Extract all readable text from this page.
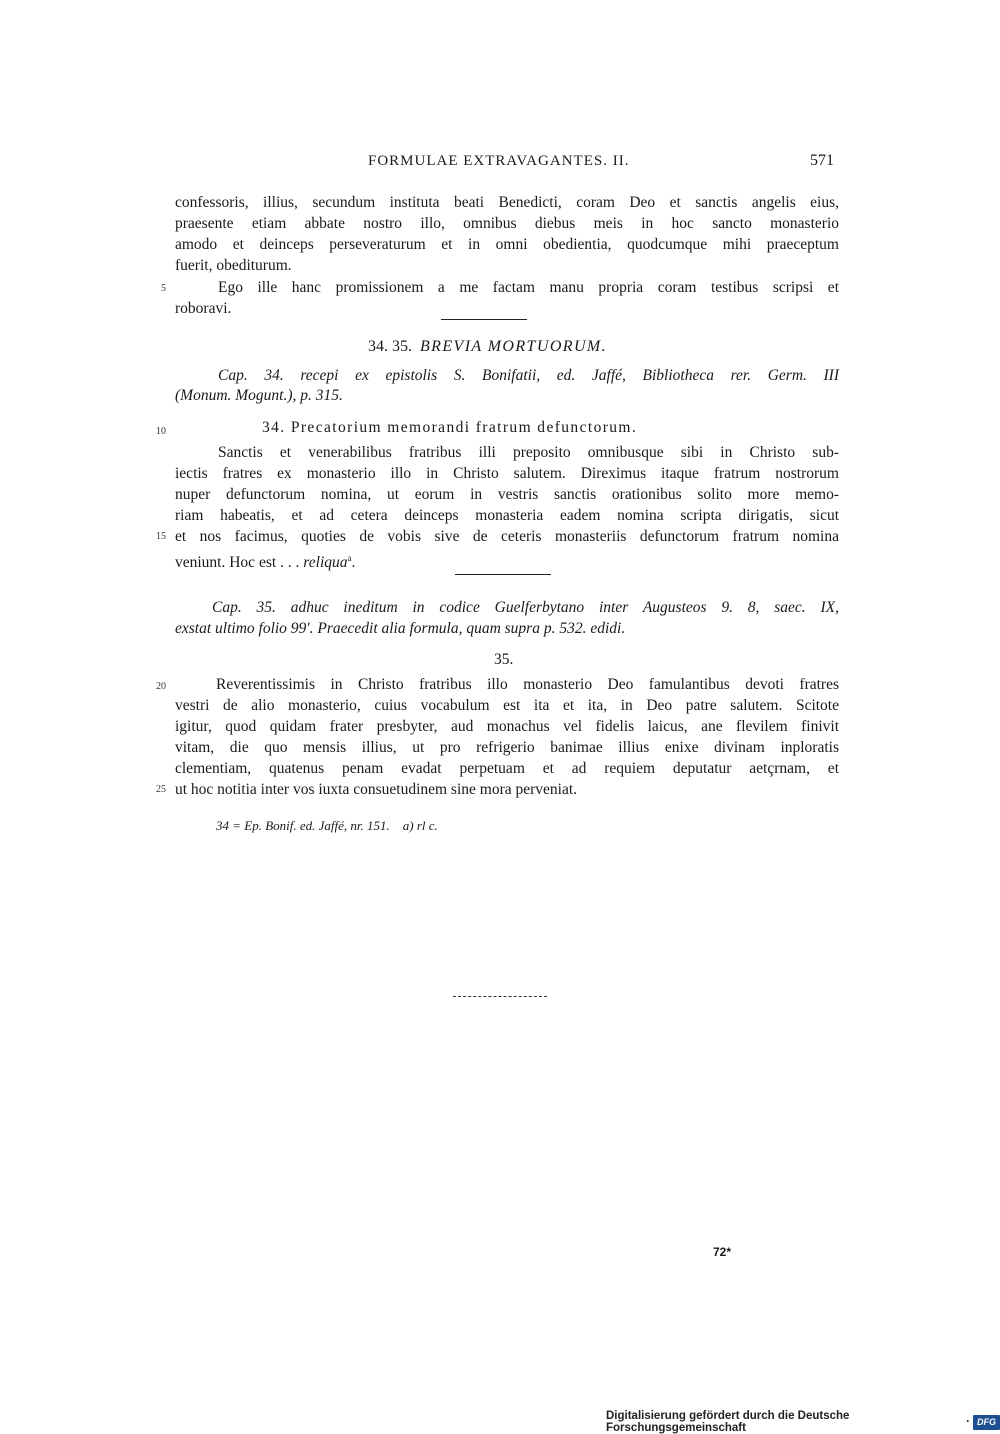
FORMULAE EXTRAVAGANTES. II.	571
confessoris, illius, secundum instituta beati Benedicti, coram Deo et sanctis angelis eius,
praesente etiam abbate nostro illo, omnibus diebus meis in hoc sancto monasterio
amodo et deinceps perseveraturum et in omni obedientia, quodcumque mihi praeceptum
fuerit, obediturum.
Ego ille hanc promissionem a me factam manu propria coram testibus scripsi et
roboravi.
34. 35. BREVIA MORTUORUM.
Cap. 34. recepi ex epistolis S. Bonifatii, ed. Jaffé, Bibliotheca rer. Germ. III
(Monum. Mogunt.), p. 315.
34. Precatorium memorandi fratrum defunctorum.
Sanctis et venerabilibus fratribus illi preposito omnibusque sibi in Christo sub-
iectis fratres ex monasterio illo in Christo salutem. Direximus itaque fratrum nostrorum
nuper defunctorum nomina, ut eorum in vestris sanctis orationibus solito more memo-
riam habeatis, et ad cetera deinceps monasteria eadem nomina scripta dirigatis, sicut
et nos facimus, quoties de vobis sive de ceteris monasteriis defunctorum fratrum nomina
veniunt. Hoc est . . . reliqua$^a$.
Cap. 35. adhuc ineditum in codice Guelferbytano inter Augusteos 9. 8, saec. IX,
exstat ultimo folio 99'. Praecedit alia formula, quam supra p. 532. edidi.
35.
Reverentissimis in Christo fratribus illo monasterio Deo famulantibus devoti fratres
vestri de alio monasterio, cuius vocabulum est ita et ita, in Deo patre salutem. Scitote
igitur, quod quidam frater presbyter, aud monachus vel fidelis laicus, ane flevilem finivit
vitam, die quo mensis illius, ut pro refrigerio banimae illius enixe divinam inploratis
clementiam, quatenus penam evadat perpetuam et ad requiem deputatur aetçrnam, et
ut hoc notitia inter vos iuxta consuetudinem sine mora perveniat.
5
10
15
20
25
34 = Ep. Bonif. ed. Jaffé, nr. 151.    a) rl c.
72*
Digitalisierung gefördert durch die Deutsche Forschungsgemeinschaft	· DFG
